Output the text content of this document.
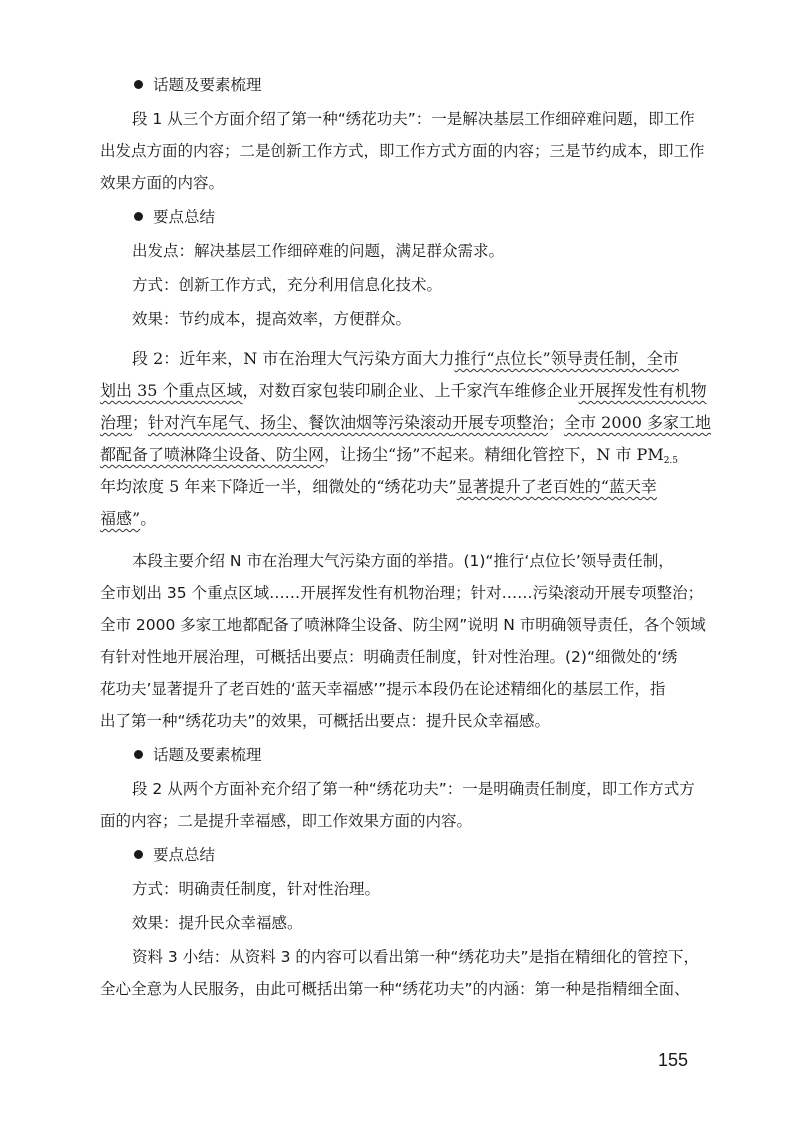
话题及要素梳理
段 1 从三个方面介绍了第一种“绣花功夫”：一是解决基层工作细碎难问题，即工作
出发点方面的内容；二是创新工作方式，即工作方式方面的内容；三是节约成本，即工作
效果方面的内容。
要点总结
出发点：解决基层工作细碎难的问题，满足群众需求。
方式：创新工作方式，充分利用信息化技术。
效果：节约成本，提高效率，方便群众。
段 2：近年来，N 市在治理大气污染方面大力推行“点位长”领导责任制，全市
划出 35 个重点区域，对数百家包装印刷企业、上千家汽车维修企业开展挥发性有机物
治理；针对汽车尾气、扬尘、餐饮油烟等污染滚动开展专项整治；全市 2000 多家工地
都配备了喷淋降尘设备、防尘网，让扬尘“扬”不起来。精细化管控下，N 市 $PM_{2.5}$
年均浓度 5 年来下降近一半，细微处的“绣花功夫”显著提升了老百姓的“蓝天幸
福感”。
本段主要介绍 N 市在治理大气污染方面的举措。(1)“推行‘点位长’领导责任制，
全市划出 35 个重点区域……开展挥发性有机物治理；针对……污染滚动开展专项整治；
全市 2000 多家工地都配备了喷淋降尘设备、防尘网”说明 N 市明确领导责任，各个领域
有针对性地开展治理，可概括出要点：明确责任制度，针对性治理。(2)“细微处的‘绣
花功夫’显著提升了老百姓的‘蓝天幸福感’”提示本段仍在论述精细化的基层工作，指
出了第一种“绣花功夫”的效果，可概括出要点：提升民众幸福感。
话题及要素梳理
段 2 从两个方面补充介绍了第一种“绣花功夫”：一是明确责任制度，即工作方式方
面的内容；二是提升幸福感，即工作效果方面的内容。
要点总结
方式：明确责任制度，针对性治理。
效果：提升民众幸福感。
资料 3 小结：从资料 3 的内容可以看出第一种“绣花功夫”是指在精细化的管控下，
全心全意为人民服务，由此可概括出第一种“绣花功夫”的内涵：第一种是指精细全面、
155
